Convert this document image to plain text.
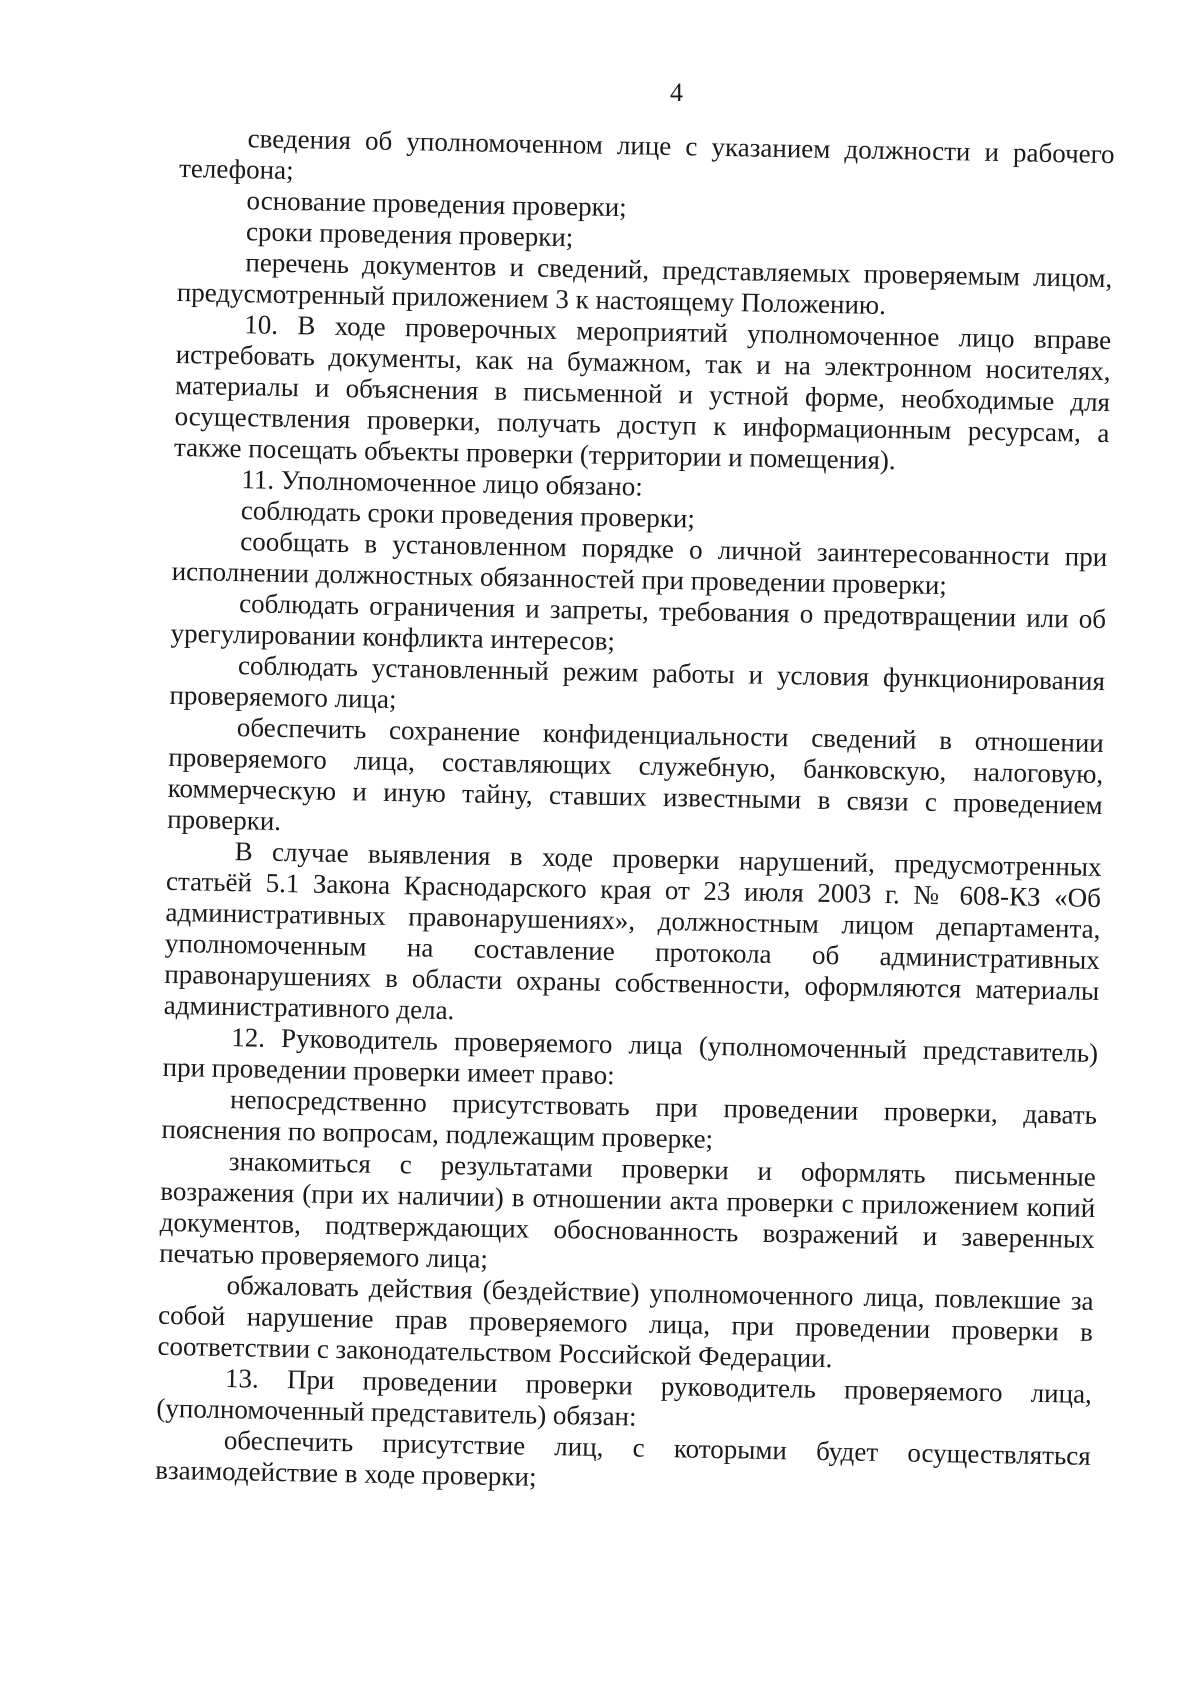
4

сведения об уполномоченном лице с указанием должности и рабочего телефона;

основание проведения проверки;

сроки проведения проверки;

перечень документов и сведений, представляемых проверяемым лицом, предусмотренный приложением 3 к настоящему Положению.

10. В ходе проверочных мероприятий уполномоченное лицо вправе истребовать документы, как на бумажном, так и на электронном носителях, материалы и объяснения в письменной и устной форме, необходимые для осуществления проверки, получать доступ к информационным ресурсам, а также посещать объекты проверки (территории и помещения).

11. Уполномоченное лицо обязано:

соблюдать сроки проведения проверки;

сообщать в установленном порядке о личной заинтересованности при исполнении должностных обязанностей при проведении проверки;

соблюдать ограничения и запреты, требования о предотвращении или об урегулировании конфликта интересов;

соблюдать установленный режим работы и условия функционирования проверяемого лица;

обеспечить сохранение конфиденциальности сведений в отношении проверяемого лица, составляющих служебную, банковскую, налоговую, коммерческую и иную тайну, ставших известными в связи с проведением проверки.

В случае выявления в ходе проверки нарушений, предусмотренных статьёй 5.1 Закона Краснодарского края от 23 июля 2003 г. № 608-КЗ «Об административных правонарушениях», должностным лицом департамента, уполномоченным на составление протокола об административных правонарушениях в области охраны собственности, оформляются материалы административного дела.

12. Руководитель проверяемого лица (уполномоченный представитель) при проведении проверки имеет право:

непосредственно присутствовать при проведении проверки, давать пояснения по вопросам, подлежащим проверке;

знакомиться с результатами проверки и оформлять письменные возражения (при их наличии) в отношении акта проверки с приложением копий документов, подтверждающих обоснованность возражений и заверенных печатью проверяемого лица;

обжаловать действия (бездействие) уполномоченного лица, повлекшие за собой нарушение прав проверяемого лица, при проведении проверки в соответствии с законодательством Российской Федерации.

13. При проведении проверки руководитель проверяемого лица, (уполномоченный представитель) обязан:

обеспечить присутствие лиц, с которыми будет осуществляться взаимодействие в ходе проверки;
